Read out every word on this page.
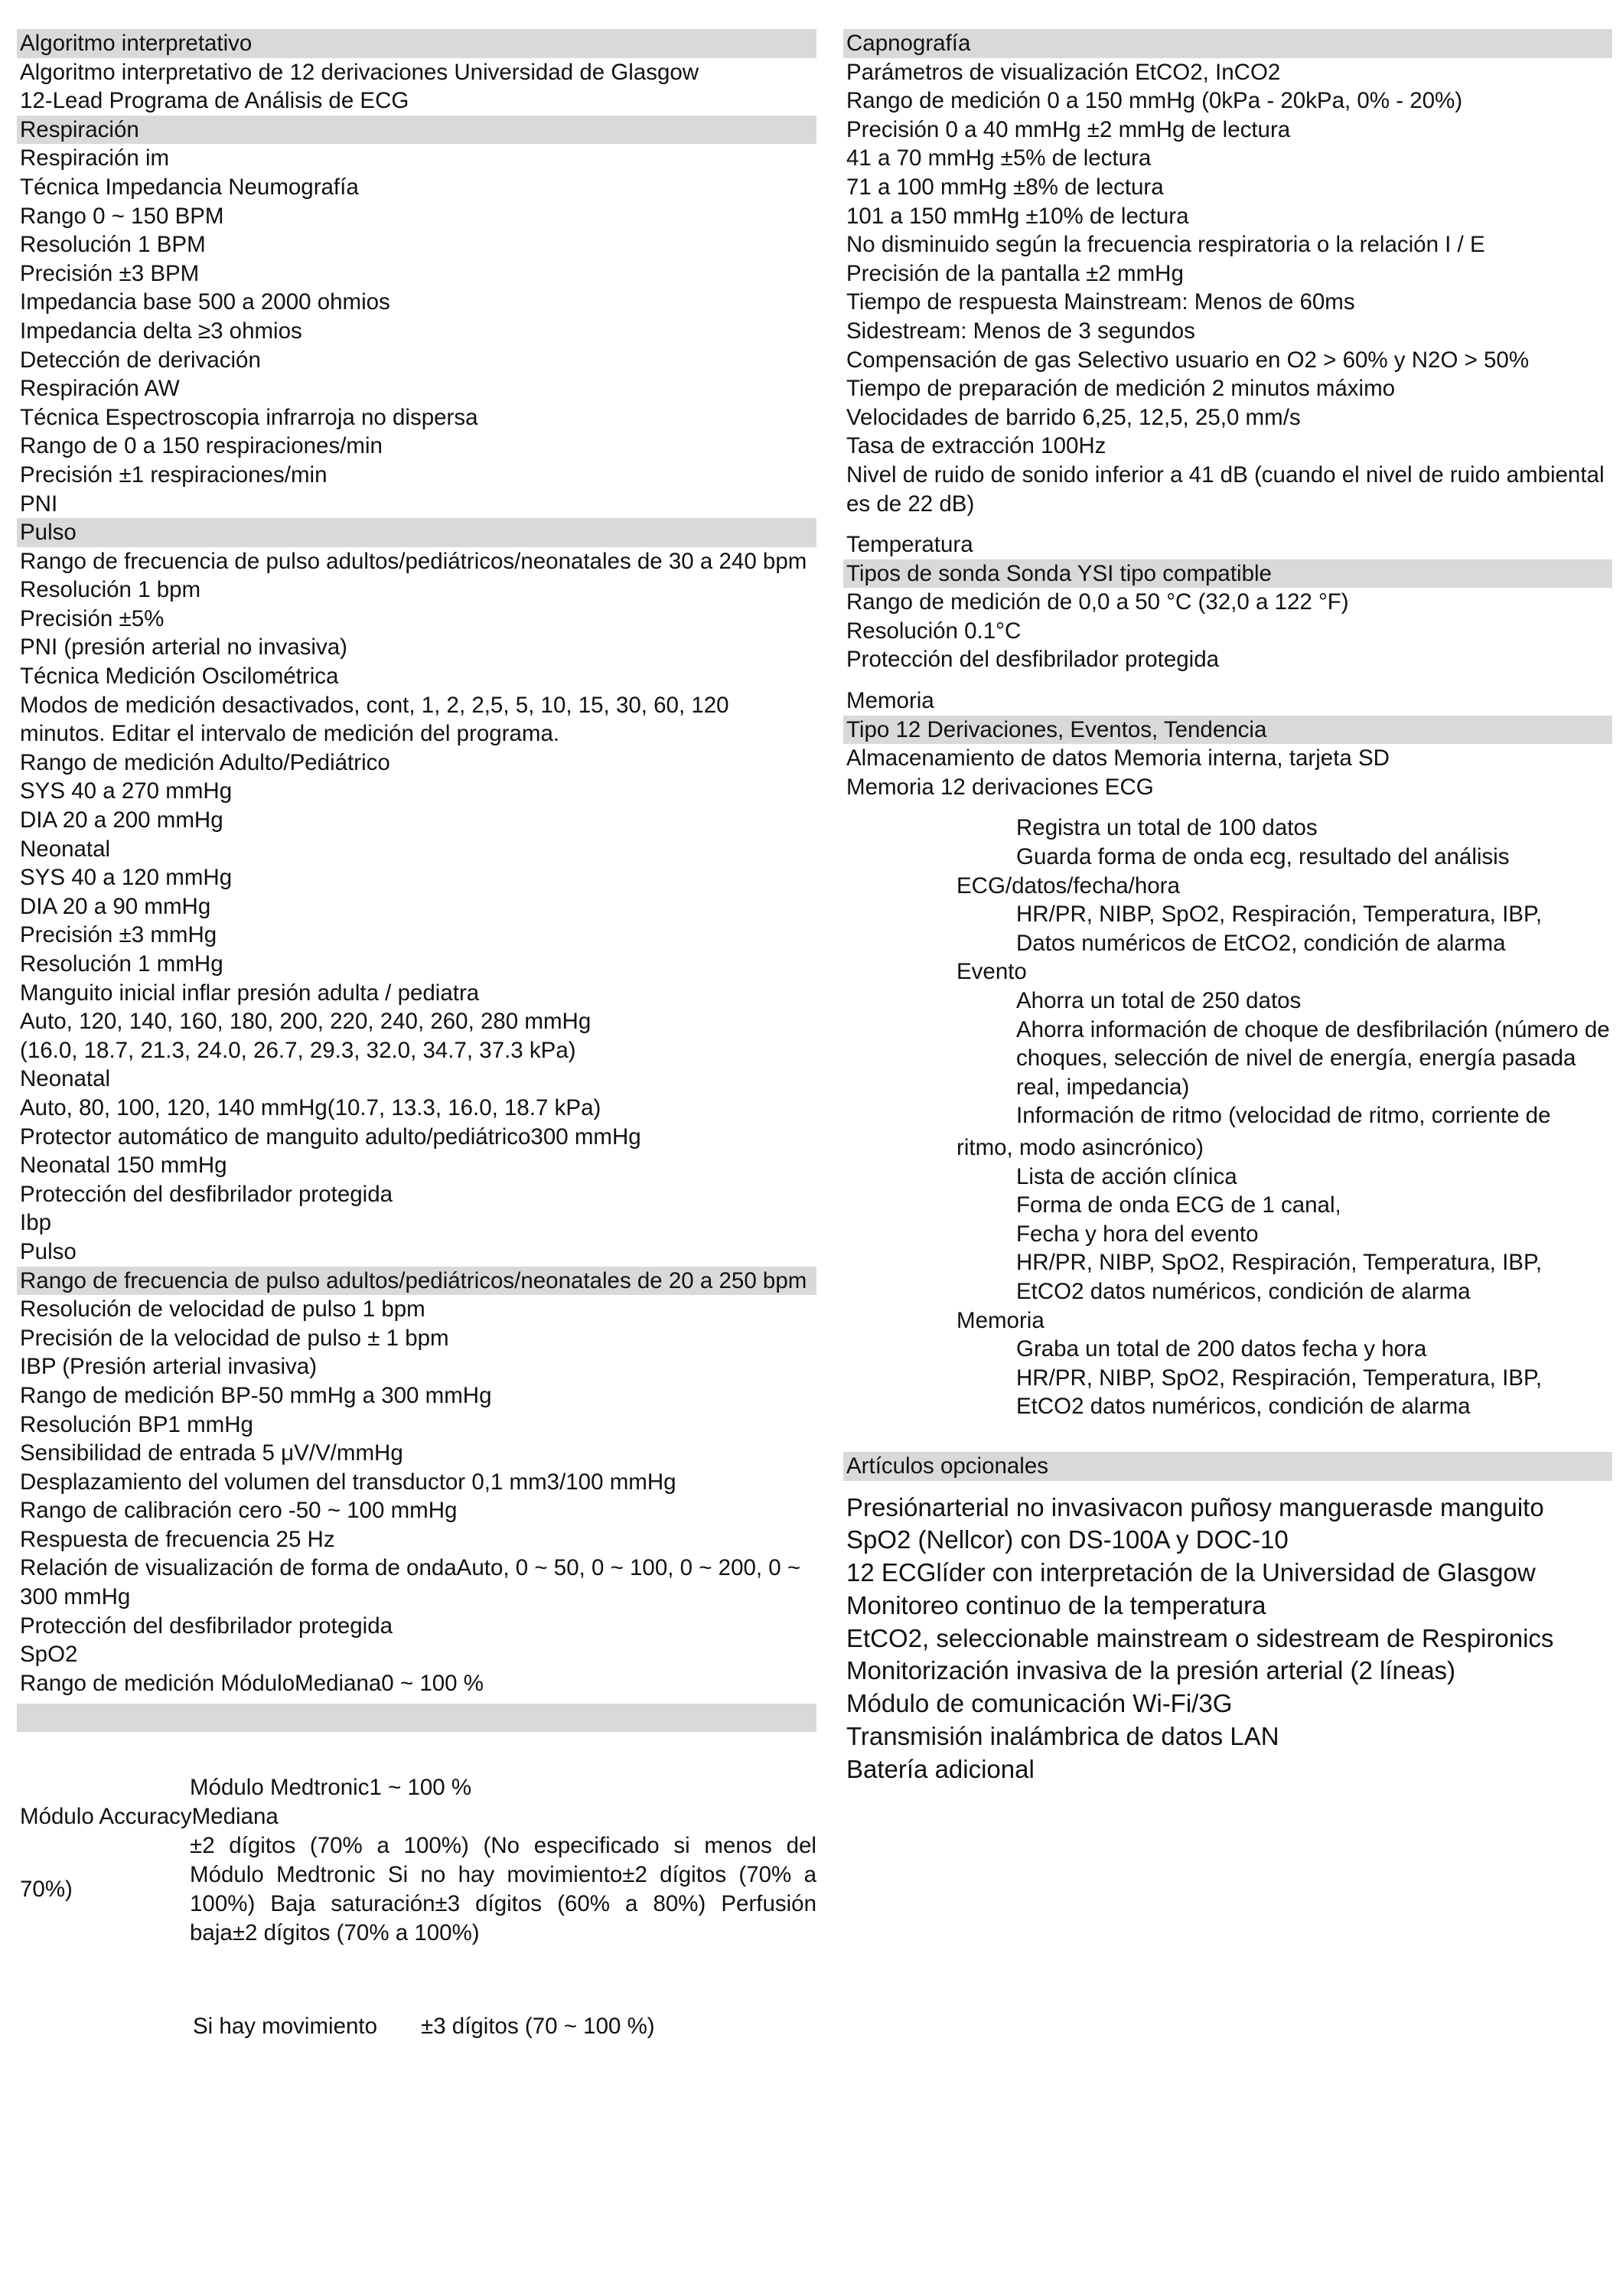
Algoritmo interpretativo
Algoritmo interpretativo de 12 derivaciones Universidad de Glasgow
12-Lead Programa de Análisis de ECG
Respiración
Respiración im
Técnica Impedancia Neumografía
Rango 0 ~ 150 BPM
Resolución 1 BPM
Precisión ±3 BPM
Impedancia base 500 a 2000 ohmios
Impedancia delta ≥3 ohmios
Detección de derivación
Respiración AW
Técnica Espectroscopia infrarroja no dispersa
Rango de 0 a 150 respiraciones/min
Precisión ±1 respiraciones/min
PNI
Pulso
Rango de frecuencia de pulso adultos/pediátricos/neonatales de 30 a 240 bpm
Resolución 1 bpm
Precisión ±5%
PNI (presión arterial no invasiva)
Técnica Medición Oscilométrica
Modos de medición desactivados, cont, 1, 2, 2,5, 5, 10, 15, 30, 60, 120 minutos. Editar el intervalo de medición del programa.
Rango de medición Adulto/Pediátrico
SYS 40 a 270 mmHg
DIA 20 a 200 mmHg
Neonatal
SYS 40 a 120 mmHg
DIA 20 a 90 mmHg
Precisión ±3 mmHg
Resolución 1 mmHg
Manguito inicial inflar presión adulta / pediatra
Auto, 120, 140, 160, 180, 200, 220, 240, 260, 280 mmHg
(16.0, 18.7, 21.3, 24.0, 26.7, 29.3, 32.0, 34.7, 37.3 kPa)
Neonatal
Auto, 80, 100, 120, 140 mmHg(10.7, 13.3, 16.0, 18.7 kPa)
Protector automático de manguito adulto/pediátrico300 mmHg
Neonatal 150 mmHg
Protección del desfibrilador protegida
Ibp
Pulso
Rango de frecuencia de pulso adultos/pediátricos/neonatales de 20 a 250 bpm
Resolución de velocidad de pulso 1 bpm
Precisión de la velocidad de pulso ± 1 bpm
IBP (Presión arterial invasiva)
Rango de medición BP-50 mmHg a 300 mmHg
Resolución BP1 mmHg
Sensibilidad de entrada 5 μV/V/mmHg
Desplazamiento del volumen del transductor 0,1 mm3/100 mmHg
Rango de calibración cero -50 ~ 100 mmHg
Respuesta de frecuencia 25 Hz
Relación de visualización de forma de ondaAuto, 0 ~ 50, 0 ~ 100, 0 ~ 200, 0 ~ 300 mmHg
Protección del desfibrilador protegida
SpO2
Rango de medición MóduloMediana0 ~ 100 %
Módulo Medtronic1 ~ 100 %
Módulo AccuracyMediana
70%)
±2 dígitos (70% a 100%) (No especificado si menos del Módulo Medtronic Si no hay movimiento±2 dígitos (70% a 100%) Baja saturación±3 dígitos (60% a 80%) Perfusión baja±2 dígitos (70% a 100%)
Si hay movimiento ±3 dígitos (70 ~ 100 %)
Capnografía
Parámetros de visualización EtCO2, InCO2
Rango de medición 0 a 150 mmHg (0kPa - 20kPa, 0% - 20%)
Precisión 0 a 40 mmHg ±2 mmHg de lectura
41 a 70 mmHg ±5% de lectura
71 a 100 mmHg ±8% de lectura
101 a 150 mmHg ±10% de lectura
No disminuido según la frecuencia respiratoria o la relación I / E
Precisión de la pantalla ±2 mmHg
Tiempo de respuesta Mainstream: Menos de 60ms
Sidestream: Menos de 3 segundos
Compensación de gas Selectivo usuario en O2 > 60% y N2O > 50%
Tiempo de preparación de medición 2 minutos máximo
Velocidades de barrido 6,25, 12,5, 25,0 mm/s
Tasa de extracción 100Hz
Nivel de ruido de sonido inferior a 41 dB (cuando el nivel de ruido ambiental es de 22 dB)
Temperatura
Tipos de sonda Sonda YSI tipo compatible
Rango de medición de 0,0 a 50 °C (32,0 a 122 °F)
Resolución 0.1°C
Protección del desfibrilador protegida
Memoria
Tipo 12 Derivaciones, Eventos, Tendencia
Almacenamiento de datos Memoria interna, tarjeta SD
Memoria 12 derivaciones ECG
Registra un total de 100 datos
Guarda forma de onda ecg, resultado del análisis
ECG/datos/fecha/hora
HR/PR, NIBP, SpO2, Respiración, Temperatura, IBP,
Datos numéricos de EtCO2, condición de alarma
Evento
Ahorra un total de 250 datos
Ahorra información de choque de desfibrilación (número de choques, selección de nivel de energía, energía pasada real, impedancia)
Información de ritmo (velocidad de ritmo, corriente de
ritmo, modo asincrónico)
Lista de acción clínica
Forma de onda ECG de 1 canal,
Fecha y hora del evento
HR/PR, NIBP, SpO2, Respiración, Temperatura, IBP,
EtCO2 datos numéricos, condición de alarma
Memoria
Graba un total de 200 datos fecha y hora
HR/PR, NIBP, SpO2, Respiración, Temperatura, IBP,
EtCO2 datos numéricos, condición de alarma
Artículos opcionales
Presiónarterial no invasivacon puñosy manguerasde manguito
SpO2 (Nellcor) con DS-100A y DOC-10
12 ECGlíder con interpretación de la Universidad de Glasgow
Monitoreo continuo de la temperatura
EtCO2, seleccionable mainstream o sidestream de Respironics
Monitorización invasiva de la presión arterial (2 líneas)
Módulo de comunicación Wi-Fi/3G
Transmisión inalámbrica de datos LAN
Batería adicional
